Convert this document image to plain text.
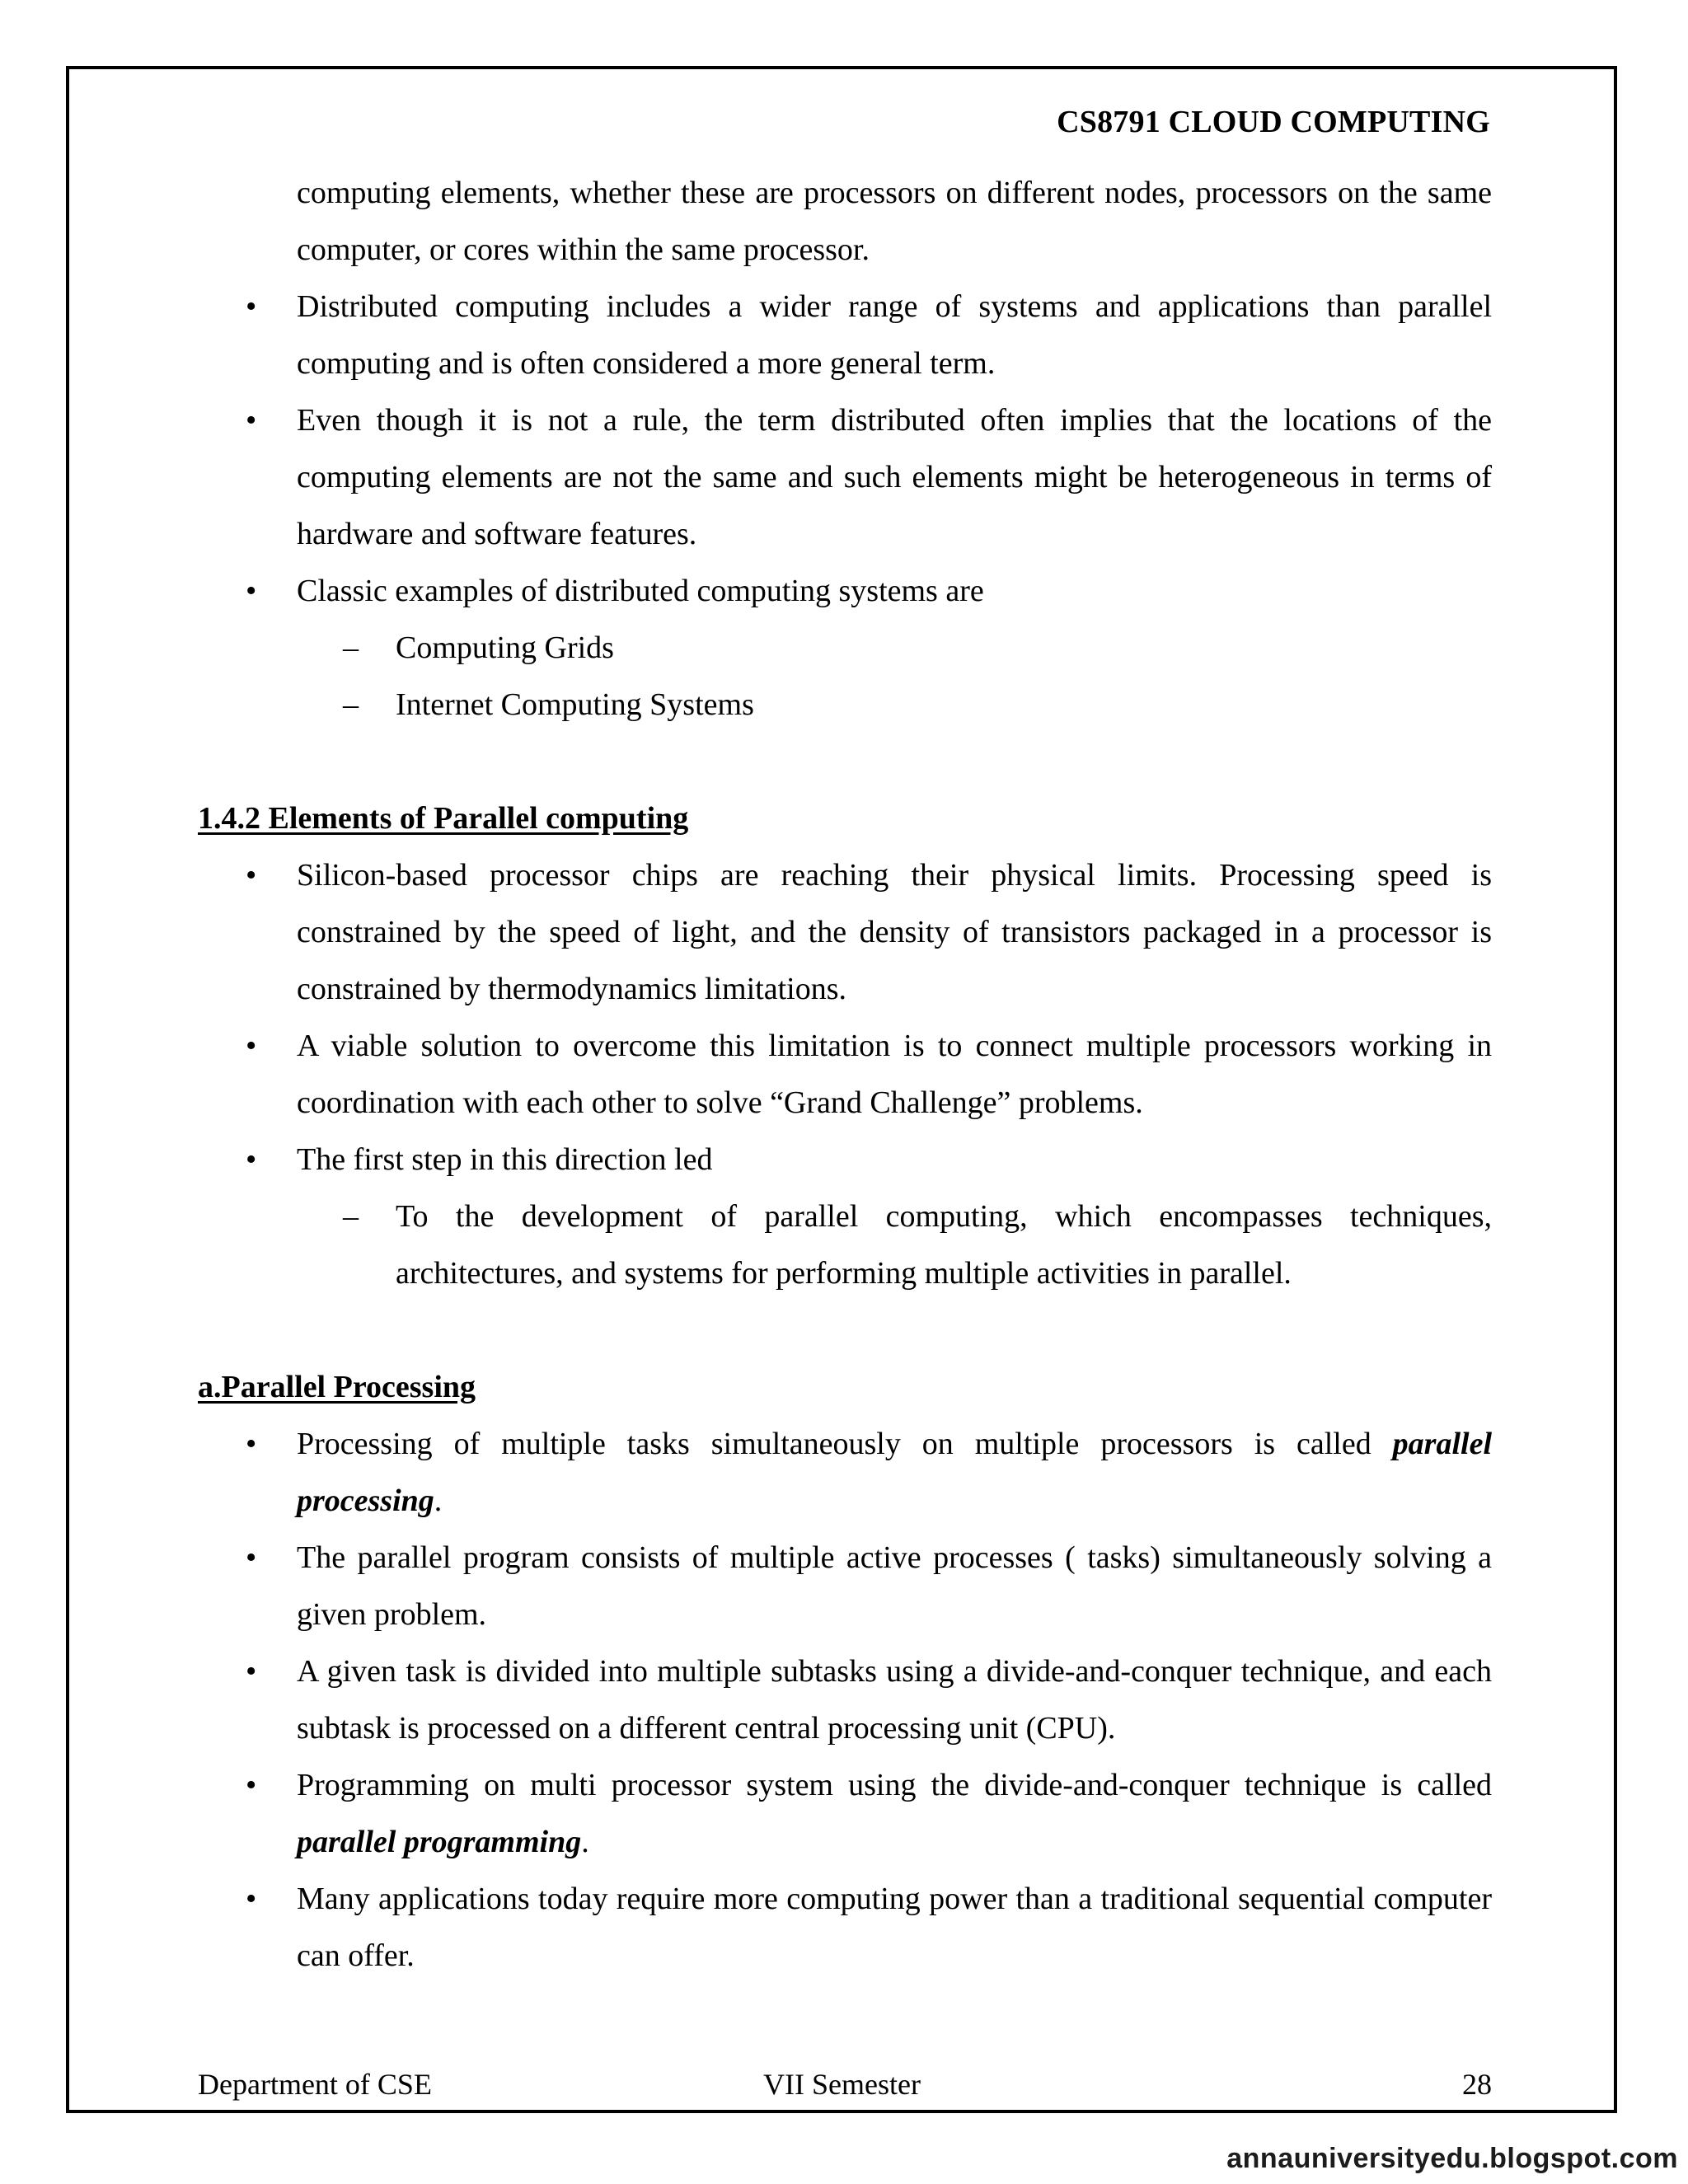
CS8791 CLOUD COMPUTING

computing elements, whether these are processors on different nodes, processors on the same computer, or cores within the same processor.

• Distributed computing includes a wider range of systems and applications than parallel computing and is often considered a more general term.
• Even though it is not a rule, the term distributed often implies that the locations of the computing elements are not the same and such elements might be heterogeneous in terms of hardware and software features.
• Classic examples of distributed computing systems are
– Computing Grids
– Internet Computing Systems
1.4.2 Elements of Parallel computing
• Silicon-based processor chips are reaching their physical limits. Processing speed is constrained by the speed of light, and the density of transistors packaged in a processor is constrained by thermodynamics limitations.
• A viable solution to overcome this limitation is to connect multiple processors working in coordination with each other to solve “Grand Challenge” problems.
• The first step in this direction led
– To the development of parallel computing, which encompasses techniques, architectures, and systems for performing multiple activities in parallel.
a.Parallel Processing
• Processing of multiple tasks simultaneously on multiple processors is called parallel processing.
• The parallel program consists of multiple active processes ( tasks) simultaneously solving a given problem.
• A given task is divided into multiple subtasks using a divide-and-conquer technique, and each subtask is processed on a different central processing unit (CPU).
• Programming on multi processor system using the divide-and-conquer technique is called parallel programming.
• Many applications today require more computing power than a traditional sequential computer can offer.
Department of CSE	VII Semester	28
annauniversityedu.blogspot.com
